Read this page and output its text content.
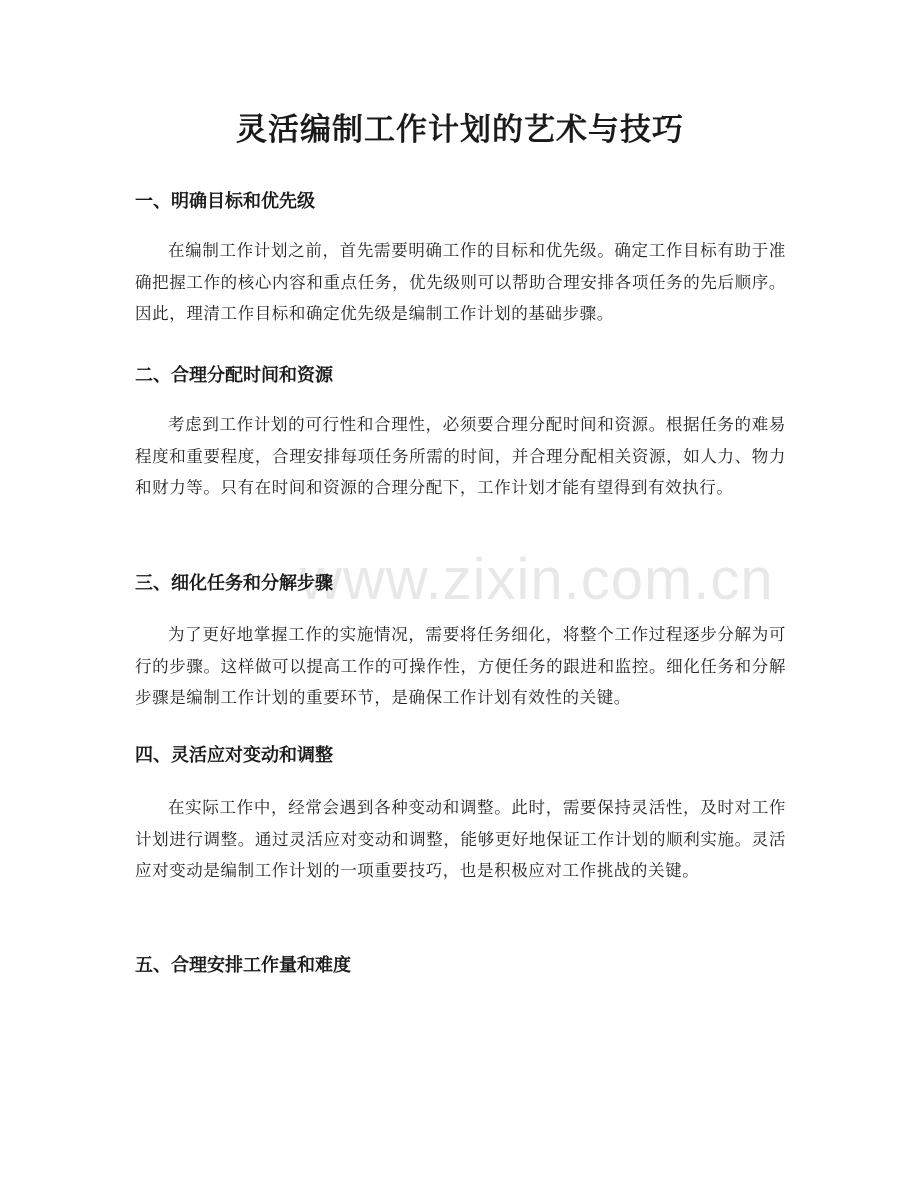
www.zixin.com.cn
灵活编制工作计划的艺术与技巧
一、明确目标和优先级

在编制工作计划之前，首先需要明确工作的目标和优先级。确定工作目标有助于准确把握工作的核心内容和重点任务，优先级则可以帮助合理安排各项任务的先后顺序。因此，理清工作目标和确定优先级是编制工作计划的基础步骤。

二、合理分配时间和资源

考虑到工作计划的可行性和合理性，必须要合理分配时间和资源。根据任务的难易程度和重要程度，合理安排每项任务所需的时间，并合理分配相关资源，如人力、物力和财力等。只有在时间和资源的合理分配下，工作计划才能有望得到有效执行。

三、细化任务和分解步骤

为了更好地掌握工作的实施情况，需要将任务细化，将整个工作过程逐步分解为可行的步骤。这样做可以提高工作的可操作性，方便任务的跟进和监控。细化任务和分解步骤是编制工作计划的重要环节，是确保工作计划有效性的关键。

四、灵活应对变动和调整

在实际工作中，经常会遇到各种变动和调整。此时，需要保持灵活性，及时对工作计划进行调整。通过灵活应对变动和调整，能够更好地保证工作计划的顺利实施。灵活应对变动是编制工作计划的一项重要技巧，也是积极应对工作挑战的关键。

五、合理安排工作量和难度
